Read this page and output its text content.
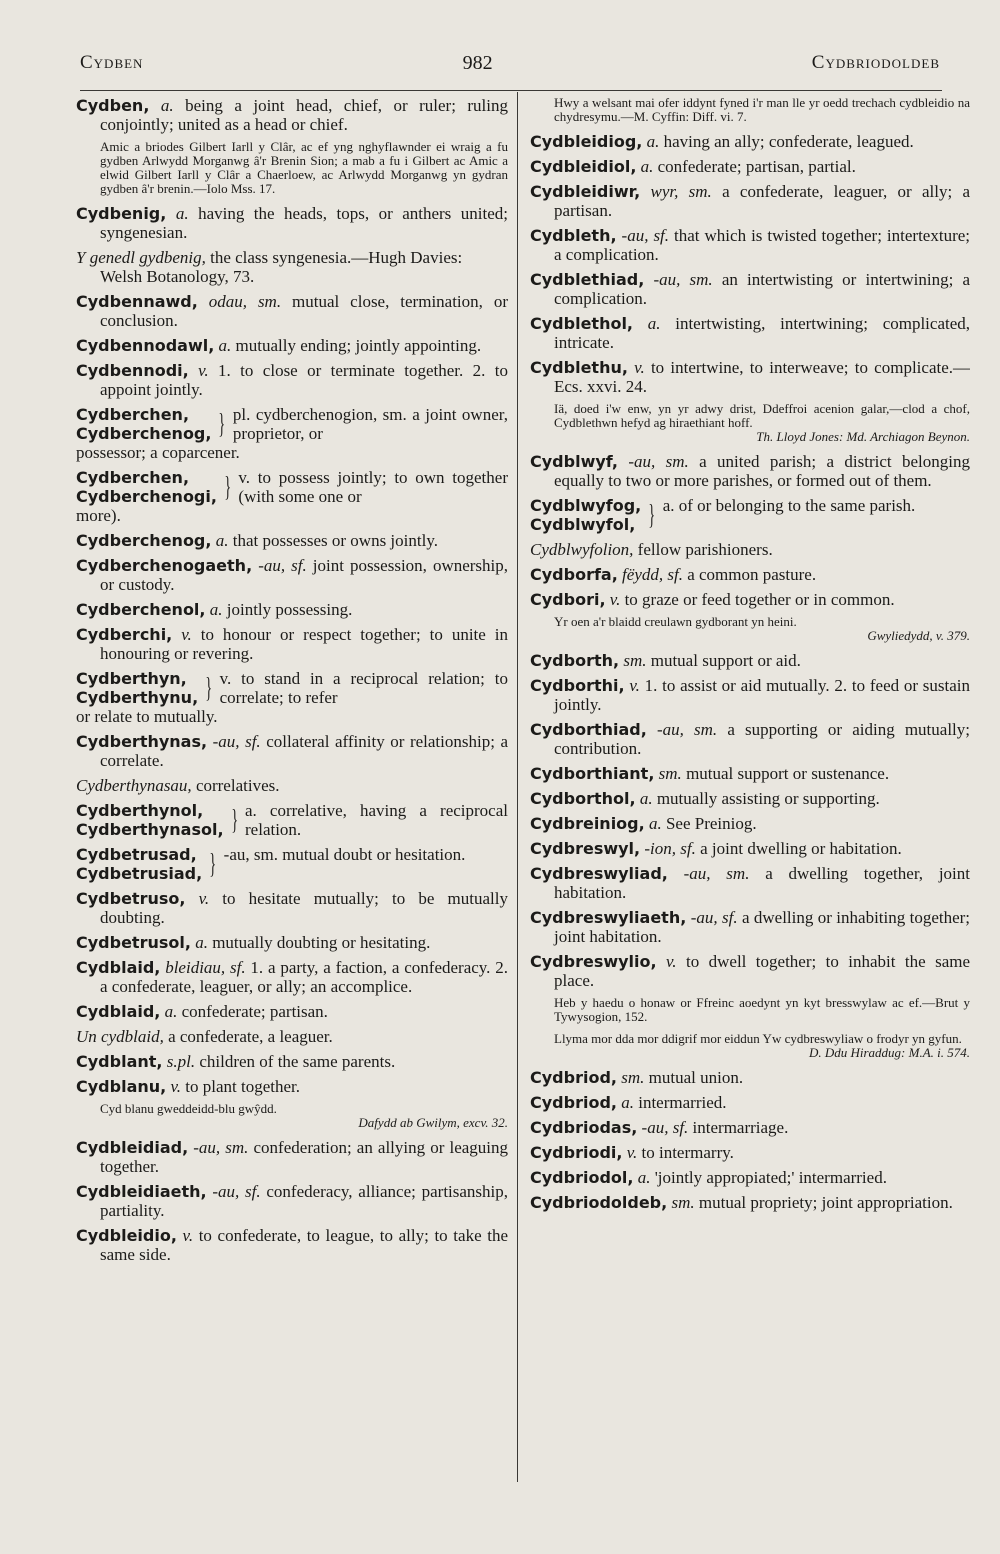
Cydben	982	Cydbriodoldeb

Cydben, a. being a joint head, chief, or ruler; ruling conjointly; united as a head or chief.

Amic a briodes Gilbert Iarll y Clâr, ac ef yng nghyflawnder ei wraig a fu gydben Arlwydd Morganwg â'r Brenin Sion; a mab a fu i Gilbert ac Amic a elwid Gilbert Iarll y Clâr a Chaerloew, ac Arlwydd Morganwg yn gydran gydben â'r brenin.—Iolo Mss. 17.

Cydbenig, a. having the heads, tops, or anthers united; syngenesian.

Y genedl gydbenig, the class syngenesia.—Hugh Davies: Welsh Botanology, 73.

Cydbennawd, odau, sm. mutual close, termination, or conclusion.

Cydbennodawl, a. mutually ending; jointly appointing.

Cydbennodi, v. 1. to close or terminate together. 2. to appoint jointly.

Cydberchen,
Cydberchenog, } pl. cydberchenogion, sm. a joint owner, proprietor, or
possessor; a coparcener.
Cydberchen,
Cydberchenogi, } v. to possess jointly; to own together (with some one or
more).

Cydberchenog, a. that possesses or owns jointly.

Cydberchenogaeth, -au, sf. joint possession, ownership, or custody.

Cydberchenol, a. jointly possessing.

Cydberchi, v. to honour or respect together; to unite in honouring or revering.

Cydberthyn,
Cydberthynu, } v. to stand in a reciprocal relation; to correlate; to refer
or relate to mutually.

Cydberthynas, -au, sf. collateral affinity or relationship; a correlate.

Cydberthynasau, correlatives.

Cydberthynol,
Cydberthynasol, } a. correlative, having a reciprocal relation.
Cydbetrusad,
Cydbetrusiad, } -au, sm. mutual doubt or hesitation.

Cydbetruso, v. to hesitate mutually; to be mutually doubting.

Cydbetrusol, a. mutually doubting or hesitating.

Cydblaid, bleidiau, sf. 1. a party, a faction, a confederacy. 2. a confederate, leaguer, or ally; an accomplice.

Cydblaid, a. confederate; partisan.

Un cydblaid, a confederate, a leaguer.

Cydblant, s.pl. children of the same parents.

Cydblanu, v. to plant together.

Cyd blanu gweddeidd-blu gwŷdd.
Dafydd ab Gwilym, excv. 32.

Cydbleidiad, -au, sm. confederation; an allying or leaguing together.

Cydbleidiaeth, -au, sf. confederacy, alliance; partisanship, partiality.

Cydbleidio, v. to confederate, to league, to ally; to take the same side.

Hwy a welsant mai ofer iddynt fyned i'r man lle yr oedd trechach cydbleidio na chydresymu.—M. Cyffin: Diff. vi. 7.

Cydbleidiog, a. having an ally; confederate, leagued.

Cydbleidiol, a. confederate; partisan, partial.

Cydbleidiwr, wyr, sm. a confederate, leaguer, or ally; a partisan.

Cydbleth, -au, sf. that which is twisted together; intertexture; a complication.

Cydblethiad, -au, sm. an intertwisting or intertwining; a complication.

Cydblethol, a. intertwisting, intertwining; complicated, intricate.

Cydblethu, v. to intertwine, to interweave; to complicate.—Ecs. xxvi. 24.

Iä, doed i'w enw, yn yr adwy drist, Ddeffroi acenion galar,—clod a chof, Cydblethwn hefyd ag hiraethiant hoff.
Th. Lloyd Jones: Md. Archiagon Beynon.

Cydblwyf, -au, sm. a united parish; a district belonging equally to two or more parishes, or formed out of them.

Cydblwyfog,
Cydblwyfol, } a. of or belonging to the same parish.

Cydblwyfolion, fellow parishioners.

Cydborfa, fëydd, sf. a common pasture.

Cydbori, v. to graze or feed together or in common.

Yr oen a'r blaidd creulawn gydborant yn heini.
Gwyliedydd, v. 379.

Cydborth, sm. mutual support or aid.

Cydborthi, v. 1. to assist or aid mutually. 2. to feed or sustain jointly.

Cydborthiad, -au, sm. a supporting or aiding mutually; contribution.

Cydborthiant, sm. mutual support or sustenance.

Cydborthol, a. mutually assisting or supporting.

Cydbreiniog, a. See Preiniog.

Cydbreswyl, -ion, sf. a joint dwelling or habitation.

Cydbreswyliad, -au, sm. a dwelling together, joint habitation.

Cydbreswyliaeth, -au, sf. a dwelling or inhabiting together; joint habitation.

Cydbreswylio, v. to dwell together; to inhabit the same place.

Heb y haedu o honaw or Ffreinc aoedynt yn kyt bresswylaw ac ef.—Brut y Tywysogion, 152.

Llyma mor dda mor ddigrif mor eiddun Yw cydbreswyliaw o frodyr yn gyfun.
D. Ddu Hiraddug: M.A. i. 574.

Cydbriod, sm. mutual union.

Cydbriod, a. intermarried.

Cydbriodas, -au, sf. intermarriage.

Cydbriodi, v. to intermarry.

Cydbriodol, a. 'jointly appropiated;' intermarried.

Cydbriodoldeb, sm. mutual propriety; joint appropriation.
